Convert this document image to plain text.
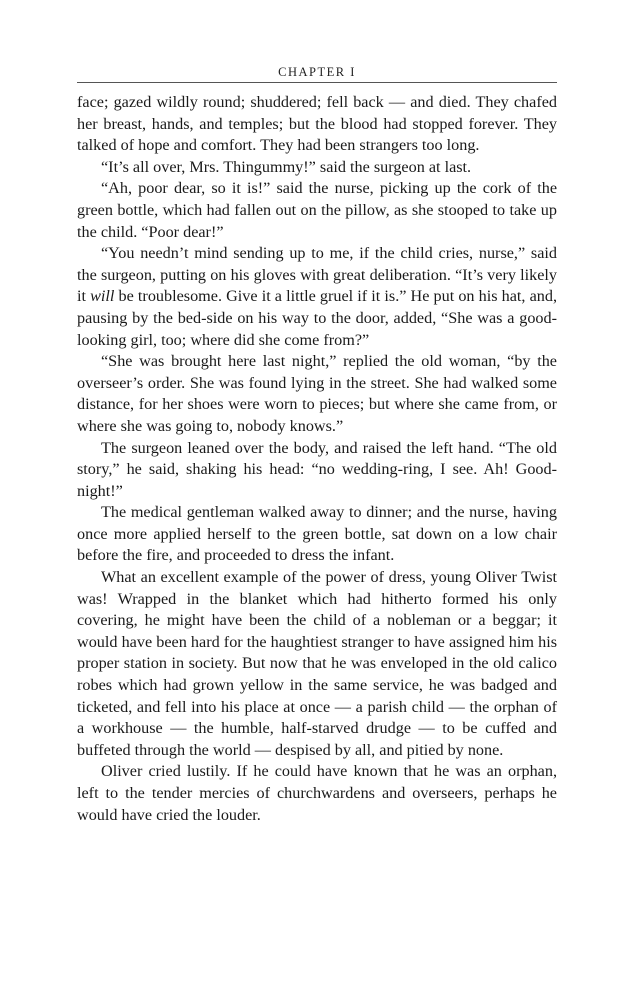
CHAPTER I

face; gazed wildly round; shuddered; fell back — and died. They chafed her breast, hands, and temples; but the blood had stopped forever. They talked of hope and comfort. They had been strangers too long.

“It’s all over, Mrs. Thingummy!” said the surgeon at last.

“Ah, poor dear, so it is!” said the nurse, picking up the cork of the green bottle, which had fallen out on the pillow, as she stooped to take up the child. “Poor dear!”

“You needn’t mind sending up to me, if the child cries, nurse,” said the surgeon, putting on his gloves with great deliberation. “It’s very likely it will be troublesome. Give it a little gruel if it is.” He put on his hat, and, pausing by the bed-side on his way to the door, added, “She was a good-looking girl, too; where did she come from?”

“She was brought here last night,” replied the old woman, “by the overseer’s order. She was found lying in the street. She had walked some distance, for her shoes were worn to pieces; but where she came from, or where she was going to, nobody knows.”

The surgeon leaned over the body, and raised the left hand. “The old story,” he said, shaking his head: “no wedding-ring, I see. Ah! Good-night!”

The medical gentleman walked away to dinner; and the nurse, having once more applied herself to the green bottle, sat down on a low chair before the fire, and proceeded to dress the infant.

What an excellent example of the power of dress, young Oliver Twist was! Wrapped in the blanket which had hitherto formed his only covering, he might have been the child of a nobleman or a beggar; it would have been hard for the haughtiest stranger to have assigned him his proper station in society. But now that he was enveloped in the old calico robes which had grown yellow in the same service, he was badged and ticketed, and fell into his place at once — a parish child — the orphan of a workhouse — the humble, half-starved drudge — to be cuffed and buffeted through the world — despised by all, and pitied by none.

Oliver cried lustily. If he could have known that he was an orphan, left to the tender mercies of churchwardens and overseers, perhaps he would have cried the louder.
